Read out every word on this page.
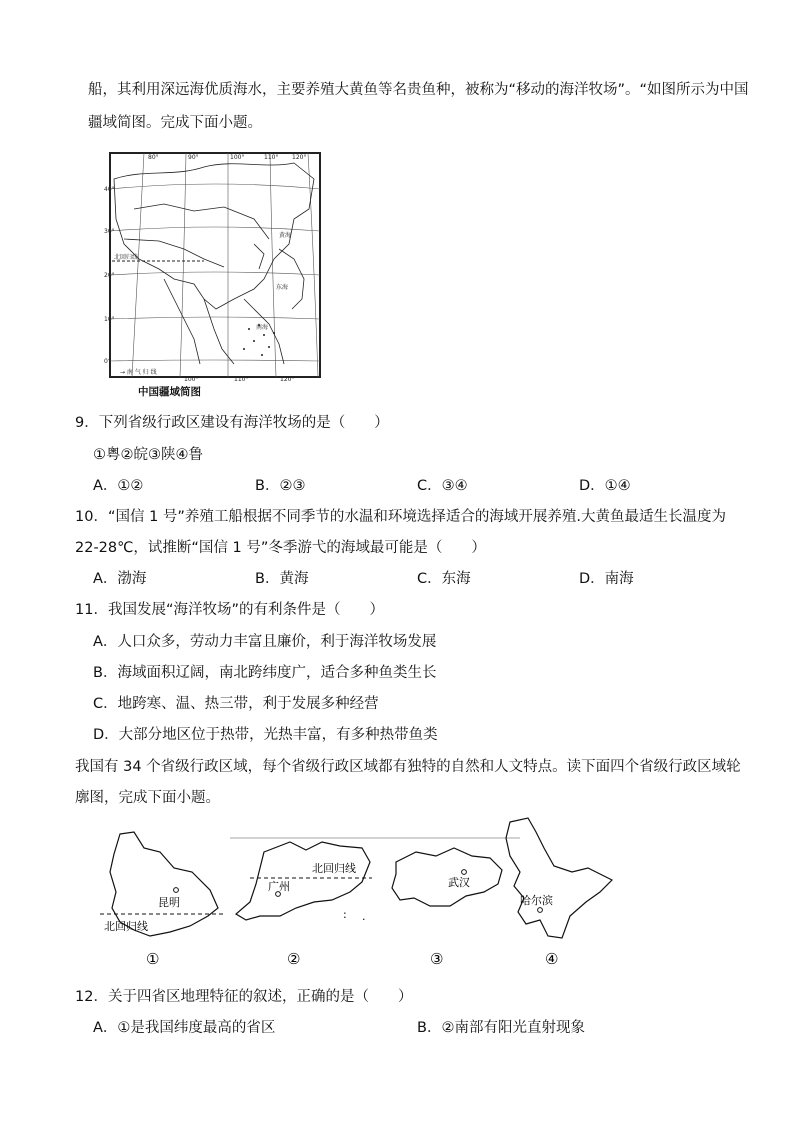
船，其利用深远海优质海水，主要养殖大黄鱼等名贵鱼种，被称为“移动的海洋牧场”。“如图所示为中国
疆域简图。完成下面小题。
80°	90°	100°	110° 120°
40°
30°
20°
10°
0°
北回归线
东海
南海
黄海
→ 南 气 归 线
100°	110°	120°
中国疆域简图
9．下列省级行政区建设有海洋牧场的是（　　）
①粤②皖③陕④鲁
A．①②	B．②③	C．③④	D．①④
10．“国信 1 号”养殖工船根据不同季节的水温和环境选择适合的海域开展养殖.大黄鱼最适生长温度为
22-28℃，试推断“国信 1 号”冬季游弋的海域最可能是（　　）
A．渤海	B．黄海	C．东海	D．南海
11．我国发展“海洋牧场”的有利条件是（　　）
A．人口众多，劳动力丰富且廉价，利于海洋牧场发展
B．海域面积辽阔，南北跨纬度广，适合多种鱼类生长
C．地跨寒、温、热三带，利于发展多种经营
D．大部分地区位于热带，光热丰富，有多种热带鱼类
我国有 34 个省级行政区域，每个省级行政区域都有独特的自然和人文特点。读下面四个省级行政区域轮
廓图，完成下面小题。
昆明
北回归线
①
北回归线
广州
: .
②
武汉
③
哈尔滨
④
12．关于四省区地理特征的叙述，正确的是（　　）
A．①是我国纬度最高的省区	B．②南部有阳光直射现象
